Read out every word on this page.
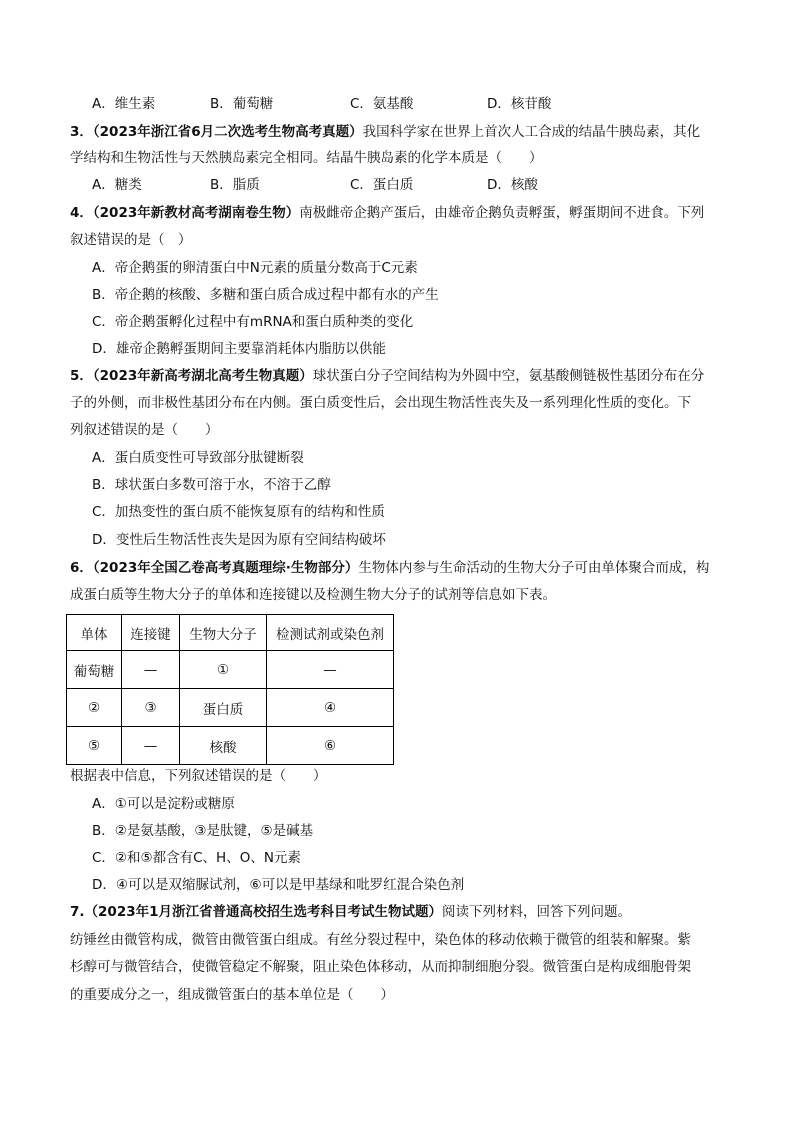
A．维生素	B．葡萄糖	C．氨基酸	D．核苷酸
3．（2023年浙江省6月二次选考生物高考真题）我国科学家在世界上首次人工合成的结晶牛胰岛素，其化
学结构和生物活性与天然胰岛素完全相同。结晶牛胰岛素的化学本质是（　　）
A．糖类	B．脂质	C．蛋白质	D．核酸
4．（2023年新教材高考湖南卷生物）南极雌帝企鹅产蛋后，由雄帝企鹅负责孵蛋，孵蛋期间不进食。下列
叙述错误的是（　）
A．帝企鹅蛋的卵清蛋白中N元素的质量分数高于C元素
B．帝企鹅的核酸、多糖和蛋白质合成过程中都有水的产生
C．帝企鹅蛋孵化过程中有mRNA和蛋白质种类的变化
D．雄帝企鹅孵蛋期间主要靠消耗体内脂肪以供能
5．（2023年新高考湖北高考生物真题）球状蛋白分子空间结构为外圆中空，氨基酸侧链极性基团分布在分
子的外侧，而非极性基团分布在内侧。蛋白质变性后，会出现生物活性丧失及一系列理化性质的变化。下
列叙述错误的是（　　）
A．蛋白质变性可导致部分肽键断裂
B．球状蛋白多数可溶于水，不溶于乙醇
C．加热变性的蛋白质不能恢复原有的结构和性质
D．变性后生物活性丧失是因为原有空间结构破坏
6．（2023年全国乙卷高考真题理综·生物部分）生物体内参与生命活动的生物大分子可由单体聚合而成，构
成蛋白质等生物大分子的单体和连接键以及检测生物大分子的试剂等信息如下表。
单体	连接键	生物大分子	检测试剂或染色剂
葡萄糖	—	①	—
②	③	蛋白质	④
⑤	—	核酸	⑥
根据表中信息，下列叙述错误的是（　　）
A．①可以是淀粉或糖原
B．②是氨基酸，③是肽键，⑤是碱基
C．②和⑤都含有C、H、O、N元素
D．④可以是双缩脲试剂，⑥可以是甲基绿和吡罗红混合染色剂
7.（2023年1月浙江省普通高校招生选考科目考试生物试题）阅读下列材料，回答下列问题。
纺锤丝由微管构成，微管由微管蛋白组成。有丝分裂过程中，染色体的移动依赖于微管的组装和解聚。紫
杉醇可与微管结合，使微管稳定不解聚，阻止染色体移动，从而抑制细胞分裂。微管蛋白是构成细胞骨架
的重要成分之一，组成微管蛋白的基本单位是（　　）
